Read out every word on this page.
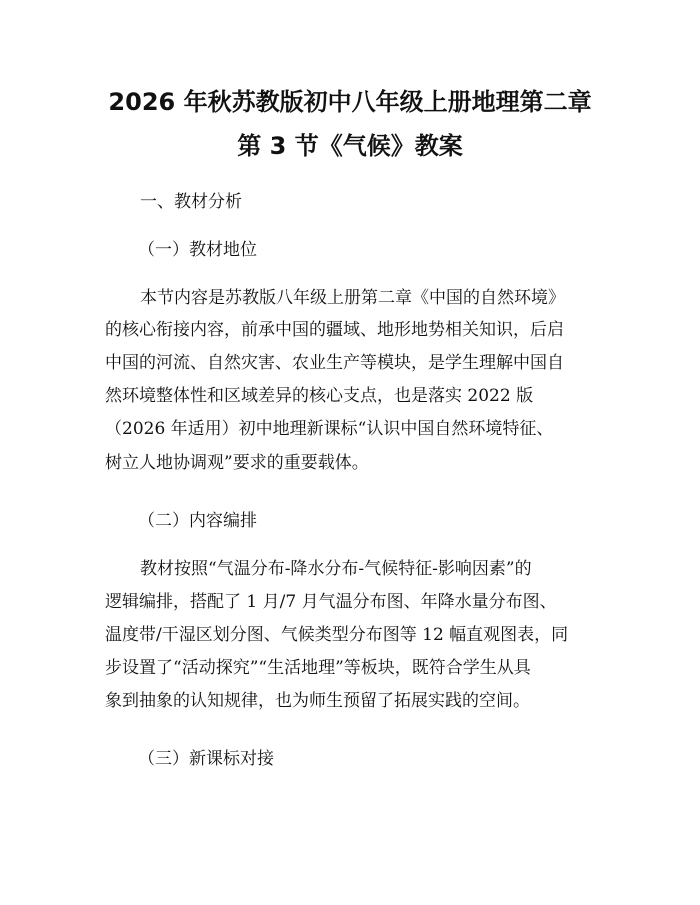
2026 年秋苏教版初中八年级上册地理第二章
第 3 节《气候》教案
一、教材分析
（一）教材地位
本节内容是苏教版八年级上册第二章《中国的自然环境》
的核心衔接内容，前承中国的疆域、地形地势相关知识，后启
中国的河流、自然灾害、农业生产等模块，是学生理解中国自
然环境整体性和区域差异的核心支点，也是落实 2022 版
（2026 年适用）初中地理新课标“认识中国自然环境特征、
树立人地协调观”要求的重要载体。
（二）内容编排
教材按照“气温分布-降水分布-气候特征-影响因素”的
逻辑编排，搭配了 1 月/7 月气温分布图、年降水量分布图、
温度带/干湿区划分图、气候类型分布图等 12 幅直观图表，同
步设置了“活动探究”“生活地理”等板块，既符合学生从具
象到抽象的认知规律，也为师生预留了拓展实践的空间。
（三）新课标对接
